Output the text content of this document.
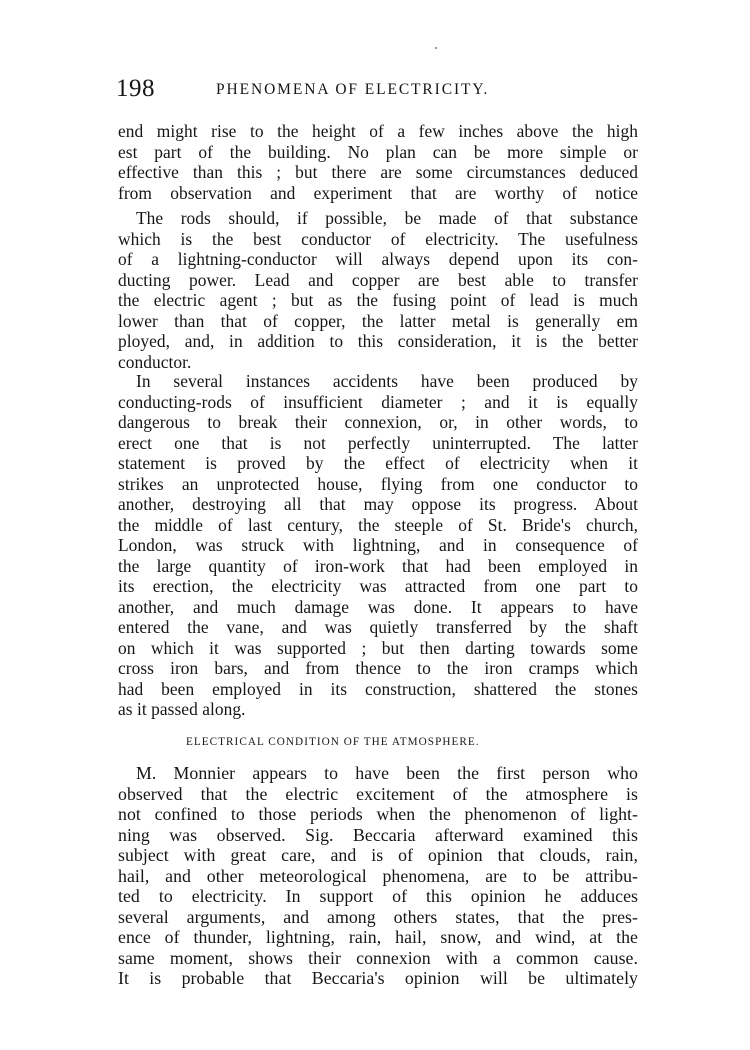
198	PHENOMENA OF ELECTRICITY.
end might rise to the height of a few inches above the high
est part of the building. No plan can be more simple or
effective than this ; but there are some circumstances deduced
from observation and experiment that are worthy of notice
The rods should, if possible, be made of that substance
which is the best conductor of electricity. The usefulness
of a lightning-conductor will always depend upon its con-
ducting power. Lead and copper are best able to transfer
the electric agent ; but as the fusing point of lead is much
lower than that of copper, the latter metal is generally em
ployed, and, in addition to this consideration, it is the better
conductor.
In several instances accidents have been produced by
conducting-rods of insufficient diameter ; and it is equally
dangerous to break their connexion, or, in other words, to
erect one that is not perfectly uninterrupted. The latter
statement is proved by the effect of electricity when it
strikes an unprotected house, flying from one conductor to
another, destroying all that may oppose its progress. About
the middle of last century, the steeple of St. Bride's church,
London, was struck with lightning, and in consequence of
the large quantity of iron-work that had been employed in
its erection, the electricity was attracted from one part to
another, and much damage was done. It appears to have
entered the vane, and was quietly transferred by the shaft
on which it was supported ; but then darting towards some
cross iron bars, and from thence to the iron cramps which
had been employed in its construction, shattered the stones
as it passed along.
ELECTRICAL CONDITION OF THE ATMOSPHERE.
M. Monnier appears to have been the first person who
observed that the electric excitement of the atmosphere is
not confined to those periods when the phenomenon of light-
ning was observed. Sig. Beccaria afterward examined this
subject with great care, and is of opinion that clouds, rain,
hail, and other meteorological phenomena, are to be attribu-
ted to electricity. In support of this opinion he adduces
several arguments, and among others states, that the pres-
ence of thunder, lightning, rain, hail, snow, and wind, at the
same moment, shows their connexion with a common cause.
It is probable that Beccaria's opinion will be ultimately
